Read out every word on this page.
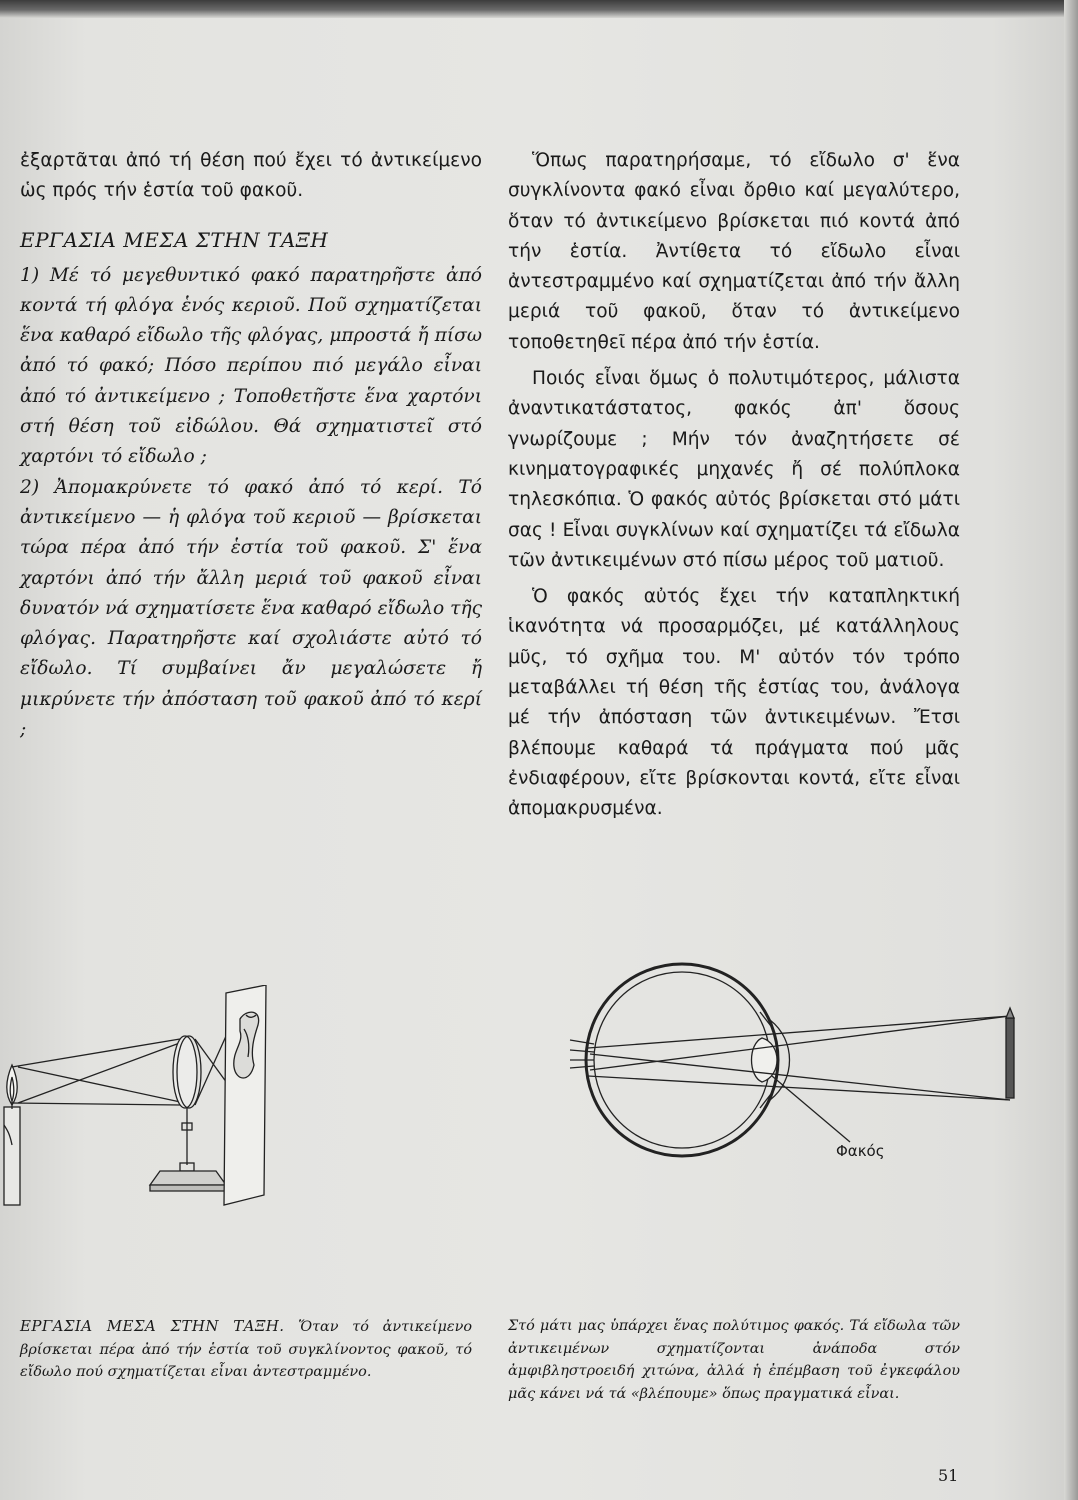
ἐξαρτᾶται ἀπό τή θέση πού ἔχει τό ἀντικείμενο ὡς πρός τήν ἑστία τοῦ φακοῦ.

ΕΡΓΑΣΙΑ ΜΕΣΑ ΣΤΗΝ ΤΑΞΗ

1) Μέ τό μεγεθυντικό φακό παρατηρῆστε ἀπό κοντά τή φλόγα ἑνός κεριοῦ. Ποῦ σχηματίζεται ἕνα καθαρό εἴδωλο τῆς φλόγας, μπροστά ἤ πίσω ἀπό τό φακό; Πόσο περίπου πιό μεγάλο εἶναι ἀπό τό ἀντικείμενο ; Τοποθετῆστε ἕνα χαρτόνι στή θέση τοῦ εἰδώλου. Θά σχηματιστεῖ στό χαρτόνι τό εἴδωλο ;

2) Ἀπομακρύνετε τό φακό ἀπό τό κερί. Τό ἀντικείμενο — ἡ φλόγα τοῦ κεριοῦ — βρίσκεται τώρα πέρα ἀπό τήν ἑστία τοῦ φακοῦ. Σ' ἕνα χαρτόνι ἀπό τήν ἄλλη μεριά τοῦ φακοῦ εἶναι δυνατόν νά σχηματίσετε ἕνα καθαρό εἴδωλο τῆς φλόγας. Παρατηρῆστε καί σχολιάστε αὐτό τό εἴδωλο. Τί συμβαίνει ἄν μεγαλώσετε ἤ μικρύνετε τήν ἀπόσταση τοῦ φακοῦ ἀπό τό κερί ;

Ὅπως παρατηρήσαμε, τό εἴδωλο σ' ἕνα συγκλίνοντα φακό εἶναι ὄρθιο καί μεγαλύτερο, ὅταν τό ἀντικείμενο βρίσκεται πιό κοντά ἀπό τήν ἑστία. Ἀντίθετα τό εἴδωλο εἶναι ἀντεστραμμένο καί σχηματίζεται ἀπό τήν ἄλλη μεριά τοῦ φακοῦ, ὅταν τό ἀντικείμενο τοποθετηθεῖ πέρα ἀπό τήν ἑστία.

Ποιός εἶναι ὅμως ὁ πολυτιμότερος, μάλιστα ἀναντικατάστατος, φακός ἀπ' ὅσους γνωρίζουμε ; Μήν τόν ἀναζητήσετε σέ κινηματογραφικές μηχανές ἤ σέ πολύπλοκα τηλεσκόπια. Ὁ φακός αὐτός βρίσκεται στό μάτι σας ! Εἶναι συγκλίνων καί σχηματίζει τά εἴδωλα τῶν ἀντικειμένων στό πίσω μέρος τοῦ ματιοῦ.

Ὁ φακός αὐτός ἔχει τήν καταπληκτική ἱκανότητα νά προσαρμόζει, μέ κατάλληλους μῦς, τό σχῆμα του. Μ' αὐτόν τόν τρόπο μεταβάλλει τή θέση τῆς ἑστίας του, ἀνάλογα μέ τήν ἀπόσταση τῶν ἀντικειμένων. Ἔτσι βλέπουμε καθαρά τά πράγματα πού μᾶς ἐνδιαφέρουν, εἴτε βρίσκονται κοντά, εἴτε εἶναι ἀπομακρυσμένα.

Φακός

ΕΡΓΑΣΙΑ ΜΕΣΑ ΣΤΗΝ ΤΑΞΗ. Ὅταν τό ἀντικείμενο βρίσκεται πέρα ἀπό τήν ἑστία τοῦ συγκλίνοντος φακοῦ, τό εἴδωλο πού σχηματίζεται εἶναι ἀντεστραμμένο.

Στό μάτι μας ὑπάρχει ἕνας πολύτιμος φακός. Τά εἴδωλα τῶν ἀντικειμένων σχηματίζονται ἀνάποδα στόν ἀμφιβληστροειδή χιτώνα, ἀλλά ἡ ἐπέμβαση τοῦ ἐγκεφάλου μᾶς κάνει νά τά «βλέπουμε» ὅπως πραγματικά εἶναι.

51
